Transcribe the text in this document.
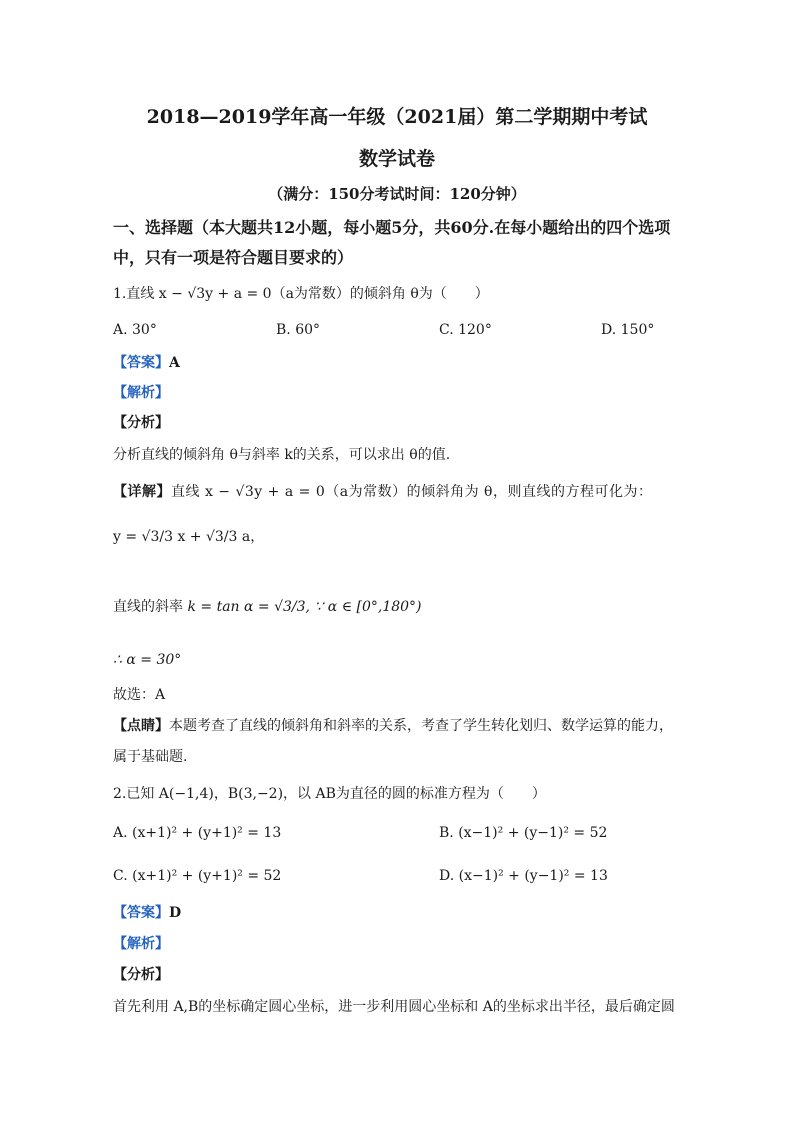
2018—2019学年高一年级（2021届）第二学期期中考试
数学试卷
（满分：150分考试时间：120分钟）
一、选择题（本大题共12小题，每小题5分，共60分.在每小题给出的四个选项
中，只有一项是符合题目要求的）
1.直线 x − √3y + a = 0（a为常数）的倾斜角 θ为（　　）
A. 30°	B. 60°	C. 120°	D. 150°
【答案】A
【解析】
【分析】
分析直线的倾斜角 θ与斜率 k的关系，可以求出 θ的值.
【详解】直线 x − √3y + a = 0（a为常数）的倾斜角为 θ，则直线的方程可化为：
y = √3/3 x + √3/3 a，
直线的斜率 k = tan α = √3/3, ∵ α ∈ [0°,180°)
∴ α = 30°
故选：A
【点睛】本题考查了直线的倾斜角和斜率的关系，考查了学生转化划归、数学运算的能力，
属于基础题.
2.已知 A(−1,4)，B(3,−2)，以 AB为直径的圆的标准方程为（　　）
A. (x+1)² + (y+1)² = 13	B. (x−1)² + (y−1)² = 52
C. (x+1)² + (y+1)² = 52	D. (x−1)² + (y−1)² = 13
【答案】D
【解析】
【分析】
首先利用 A,B的坐标确定圆心坐标，进一步利用圆心坐标和 A的坐标求出半径，最后确定圆
